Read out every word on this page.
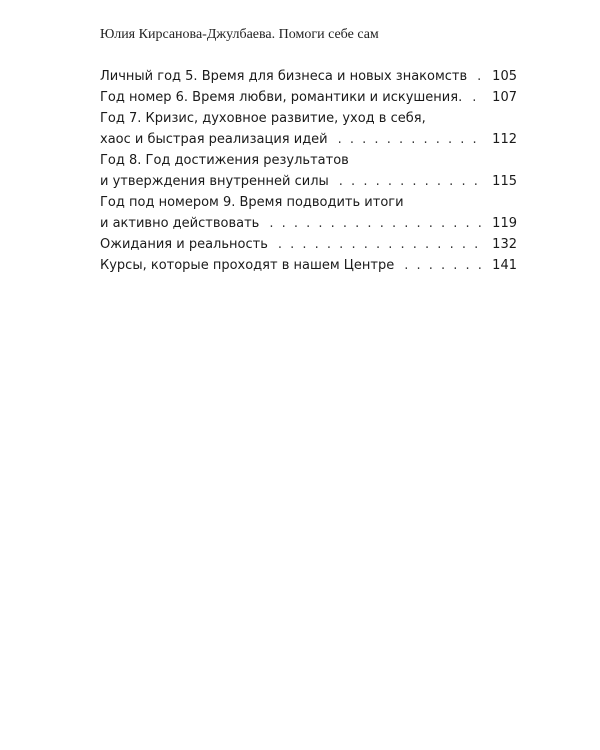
Юлия Кирсанова-Джулбаева. Помоги себе сам
Личный год 5. Время для бизнеса и новых знакомств . . . 105
Год номер 6. Время любви, романтики и искушения. . . . 107
Год 7. Кризис, духовное развитие, уход в себя,
хаос и быстрая реализация идей . . .	112
Год 8. Год достижения результатов
и утверждения внутренней силы . . .	115
Год под номером 9. Время подводить итоги
и активно действовать . . .	119
Ожидания и реальность . . .	132
Курсы, которые проходят в нашем Центре . . .	141
